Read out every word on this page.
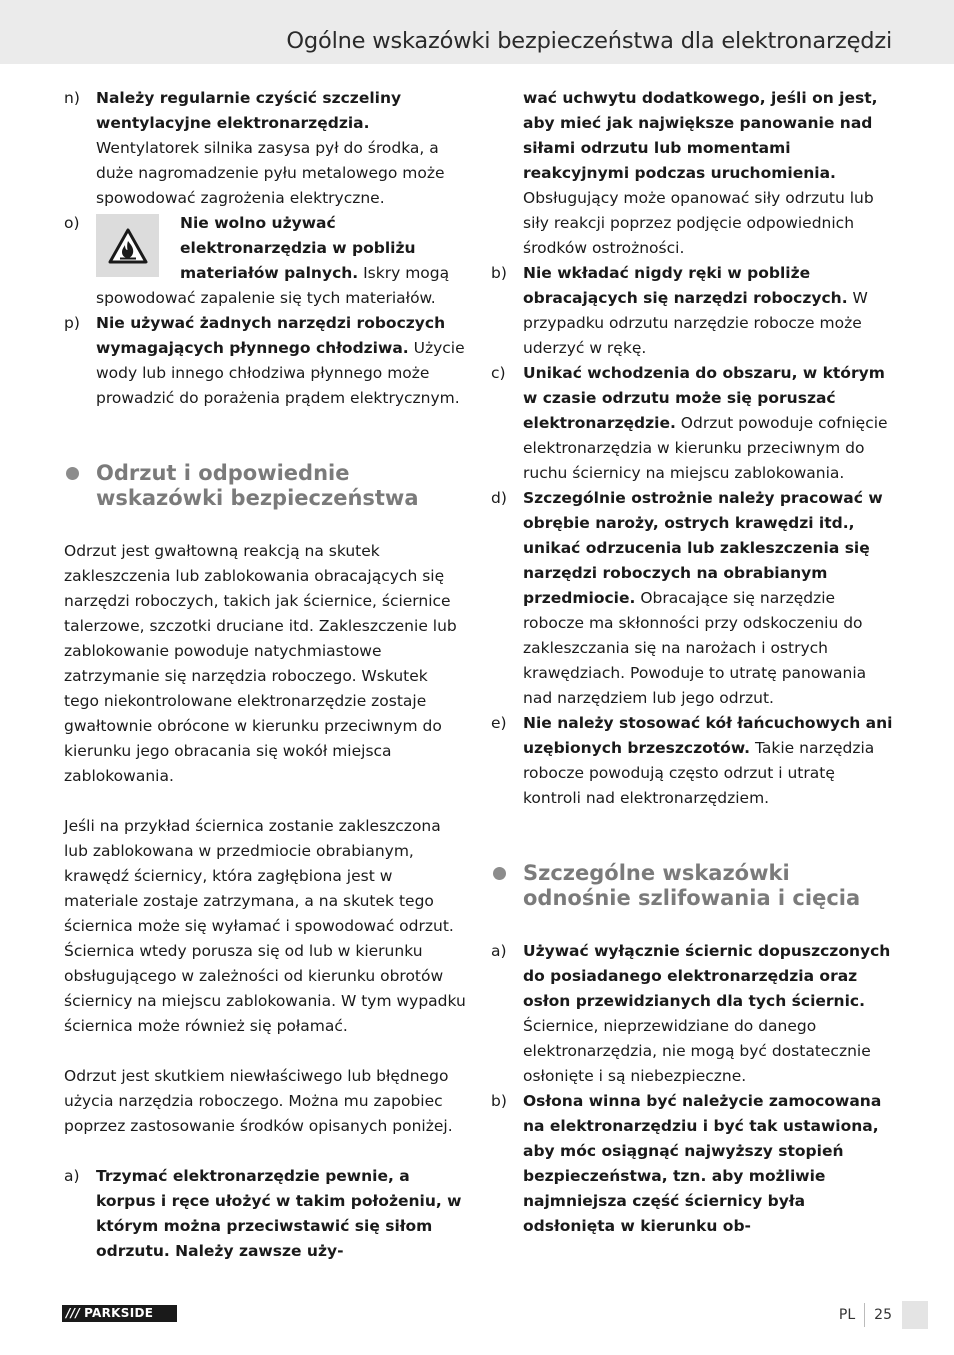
Ogólne wskazówki bezpieczeństwa dla elektronarzędzi
n) Należy regularnie czyścić szczeliny wentylacyjne elektronarzędzia. Wentylatorek silnika zasysa pył do środka, a duże nagromadzenie pyłu metalowego może spowodować zagrożenia elektryczne.
o)	Nie wolno używać elektronarzędzia w pobliżu materiałów palnych. Iskry mogą spowodować zapalenie się tych materiałów.
p) Nie używać żadnych narzędzi roboczych wymagających płynnego chłodziwa. Użycie wody lub innego chłodziwa płynnego może prowadzić do porażenia prądem elektrycznym.
Odrzut i odpowiednie wskazówki bezpieczeństwa

Odrzut jest gwałtowną reakcją na skutek zakleszczenia lub zablokowania obracających się narzędzi roboczych, takich jak ściernice, ściernice talerzowe, szczotki druciane itd. Zakleszczenie lub zablokowanie powoduje natychmiastowe zatrzymanie się narzędzia roboczego. Wskutek tego niekontrolowane elektronarzędzie zostaje gwałtownie obrócone w kierunku przeciwnym do kierunku jego obracania się wokół miejsca zablokowania.

Jeśli na przykład ściernica zostanie zakleszczona lub zablokowana w przedmiocie obrabianym, krawędź ściernicy, która zagłębiona jest w materiale zostaje zatrzymana, a na skutek tego ściernica może się wyłamać i spowodować odrzut. Ściernica wtedy porusza się od lub w kierunku obsługującego w zależności od kierunku obrotów ściernicy na miejscu zablokowania. W tym wypadku ściernica może również się połamać.

Odrzut jest skutkiem niewłaściwego lub błędnego użycia narzędzia roboczego. Można mu zapobiec poprzez zastosowanie środków opisanych poniżej.

a) Trzymać elektronarzędzie pewnie, a korpus i ręce ułożyć w takim położeniu, w którym można przeciwstawić się siłom odrzutu. Należy zawsze uży-
wać uchwytu dodatkowego, jeśli on jest, aby mieć jak największe panowanie nad siłami odrzutu lub momentami reakcyjnymi podczas uruchomienia. Obsługujący może opanować siły odrzutu lub siły reakcji poprzez podjęcie odpowiednich środków ostrożności.
b) Nie wkładać nigdy ręki w pobliże obracających się narzędzi roboczych. W przypadku odrzutu narzędzie robocze może uderzyć w rękę.
c) Unikać wchodzenia do obszaru, w którym w czasie odrzutu może się poruszać elektronarzędzie. Odrzut powoduje cofnięcie elektronarzędzia w kierunku przeciwnym do ruchu ściernicy na miejscu zablokowania.
d) Szczególnie ostrożnie należy pracować w obrębie naroży, ostrych krawędzi itd., unikać odrzucenia lub zakleszczenia się narzędzi roboczych na obrabianym przedmiocie. Obracające się narzędzie robocze ma skłonności przy odskoczeniu do zakleszczania się na narożach i ostrych krawędziach. Powoduje to utratę panowania nad narzędziem lub jego odrzut.
e) Nie należy stosować kół łańcuchowych ani uzębionych brzeszczotów. Takie narzędzia robocze powodują często odrzut i utratę kontroli nad elektronarzędziem.
Szczególne wskazówki odnośnie szlifowania i cięcia
a) Używać wyłącznie ściernic dopuszczonych do posiadanego elektronarzędzia oraz osłon przewidzianych dla tych ściernic. Ściernice, nieprzewidziane do danego elektronarzędzia, nie mogą być dostatecznie osłonięte i są niebezpieczne.
b) Osłona winna być należycie zamocowana na elektronarzędziu i być tak ustawiona, aby móc osiągnąć najwyższy stopień bezpieczeństwa, tzn. aby możliwie najmniejsza część ściernicy była odsłonięta w kierunku ob-
/// PARKSIDE	PL 25
